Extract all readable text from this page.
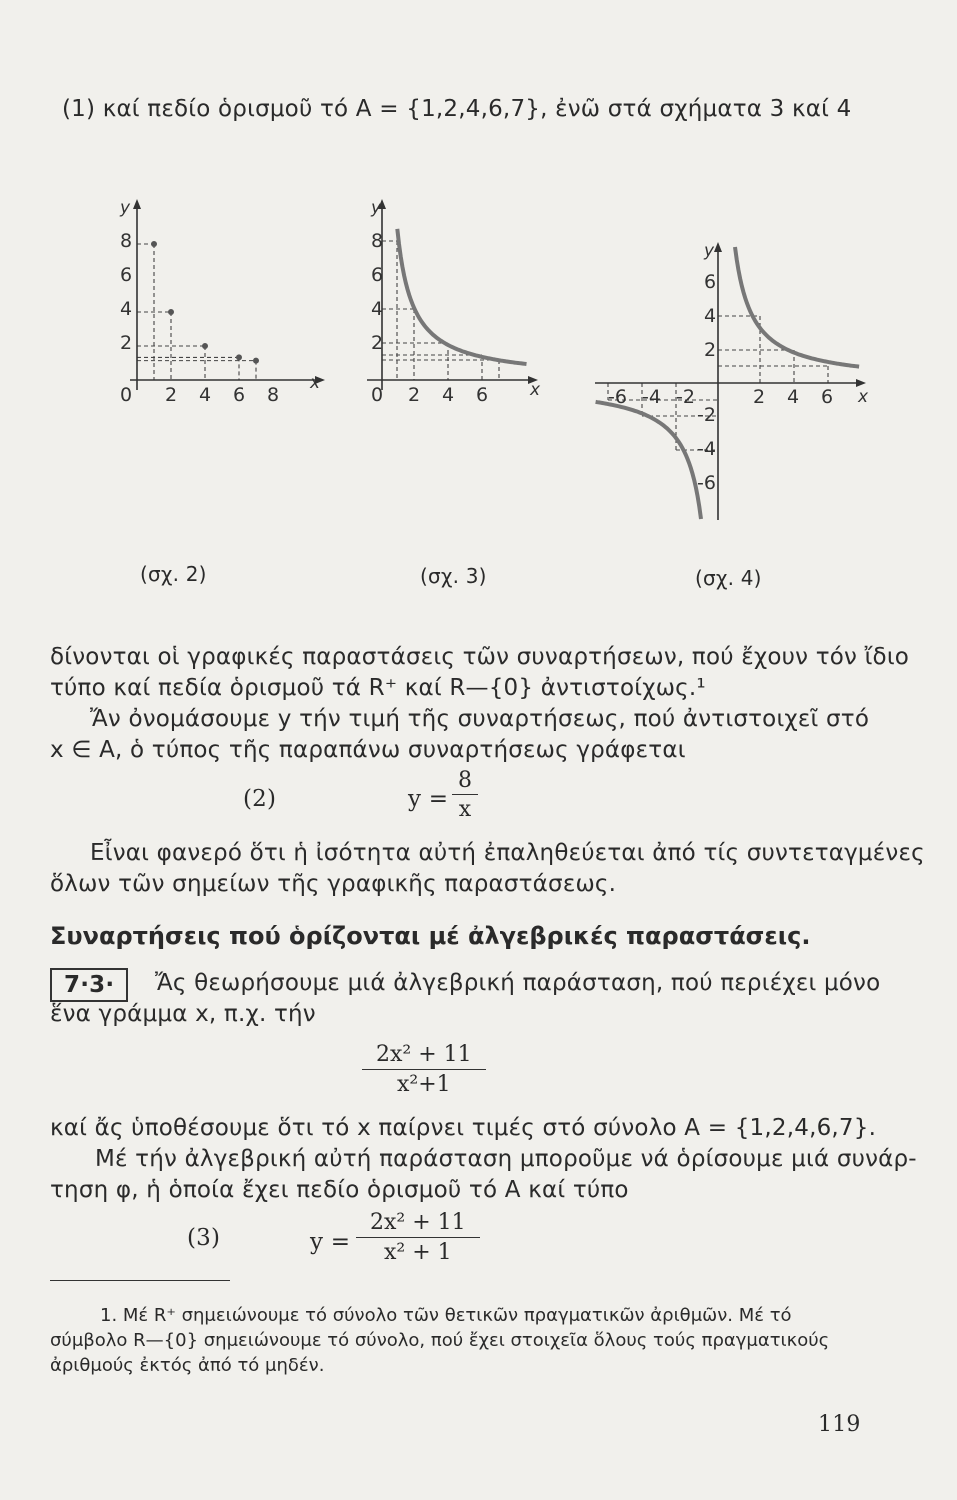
(1) καί πεδίο ὁρισμοῦ τό Α = {1,2,4,6,7}, ἐνῶ στά σχήματα 3 καί 4
y
x
8
6
4
2
0 2 4 6 8
y
x
8
6
4
2
0 2 4 6
y
x
6
4
2
-2
-4
-6
2 4 6
-6 -4 -2
(σχ. 2)	(σχ. 3)	(σχ. 4)
δίνονται οἱ γραφικές παραστάσεις τῶν συναρτήσεων, πού ἔχουν τόν ἴδιο
τύπο καί πεδία ὁρισμοῦ τά R⁺ καί R—{0} ἀντιστοίχως.¹
Ἄν ὀνομάσουμε y τήν τιμή τῆς συναρτήσεως, πού ἀντιστοιχεῖ στό
x ∈ A, ὁ τύπος τῆς παραπάνω συναρτήσεως γράφεται
(2)	$y = \frac{8}{x}$
Εἶναι φανερό ὅτι ἡ ἰσότητα αὐτή ἐπαληθεύεται ἀπό τίς συντεταγμένες
ὅλων τῶν σημείων τῆς γραφικῆς παραστάσεως.
Συναρτήσεις πού ὁρίζονται μέ ἀλγεβρικές παραστάσεις.
7·3·	Ἄς θεωρήσουμε μιά ἀλγεβρική παράσταση, πού περιέχει μόνο
ἕνα γράμμα x, π.χ. τήν
$\frac{\text{2x² + 11}}{\text{x²+1}}$
καί ἄς ὑποθέσουμε ὅτι τό x παίρνει τιμές στό σύνολο Α = {1,2,4,6,7}.
Μέ τήν ἀλγεβρική αὐτή παράσταση μποροῦμε νά ὁρίσουμε μιά συνάρ-
τηση φ, ἡ ὁποία ἔχει πεδίο ὁρισμοῦ τό Α καί τύπο
(3)	$y = \frac{\text{2x² + 11}}{\text{x² + 1}}$
1. Μέ R⁺ σημειώνουμε τό σύνολο τῶν θετικῶν πραγματικῶν ἀριθμῶν. Μέ τό
σύμβολο R—{0} σημειώνουμε τό σύνολο, πού ἔχει στοιχεῖα ὅλους τούς πραγματικούς
ἀριθμούς ἐκτός ἀπό τό μηδέν.
119
